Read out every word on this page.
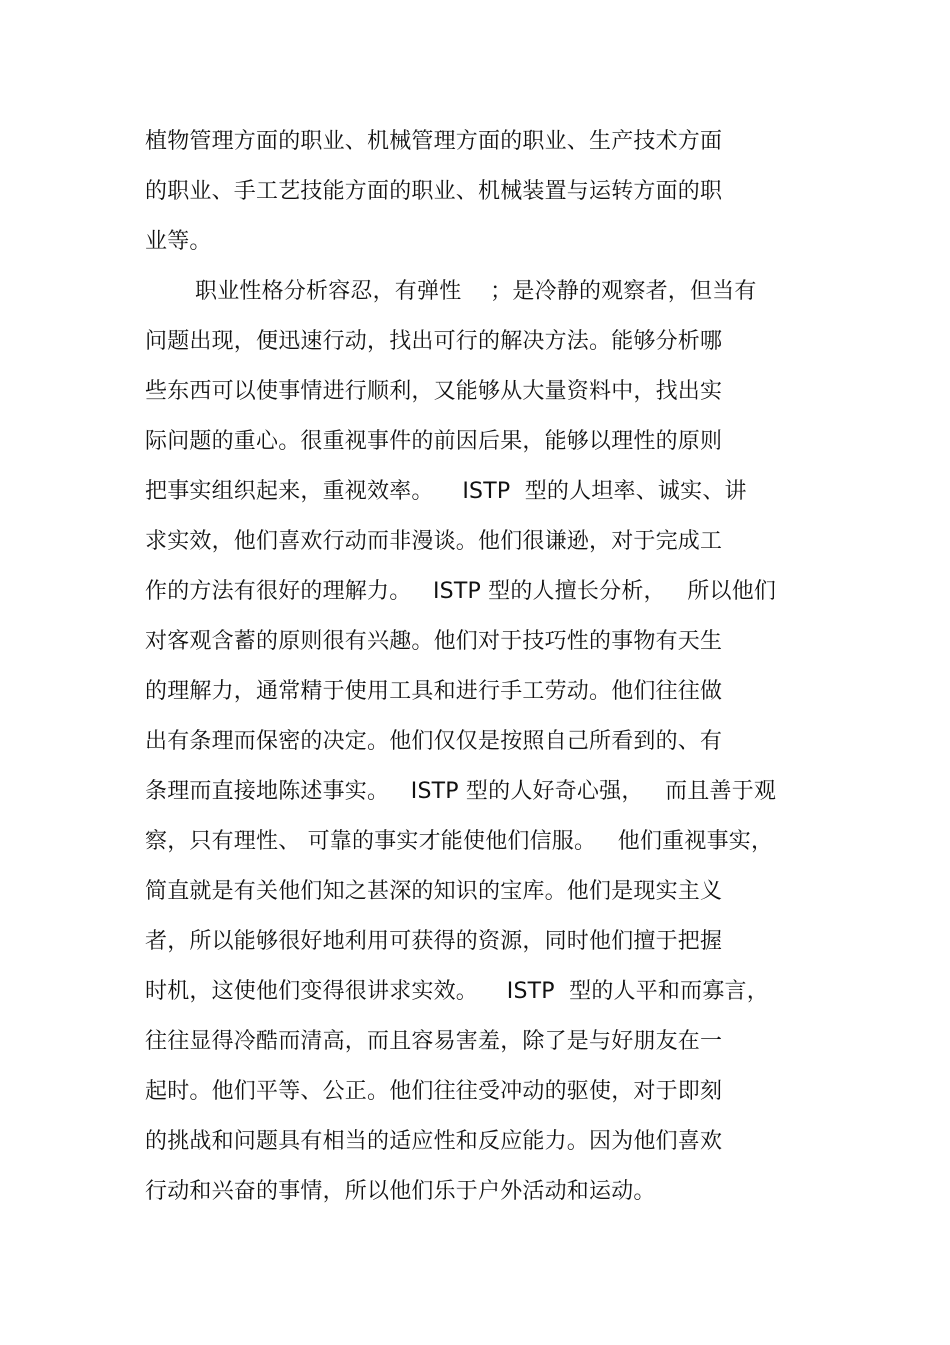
植物管理方面的职业、机械管理方面的职业、生产技术方面
的职业、手工艺技能方面的职业、机械装置与运转方面的职
业等。
职业性格分析容忍，有弹性    ；是冷静的观察者，但当有
问题出现，便迅速行动，找出可行的解决方法。能够分析哪
些东西可以使事情进行顺利，又能够从大量资料中，找出实
际问题的重心。很重视事件的前因后果，能够以理性的原则
把事实组织起来，重视效率。    ISTP  型的人坦率、诚实、讲
求实效，他们喜欢行动而非漫谈。他们很谦逊，对于完成工
作的方法有很好的理解力。   ISTP 型的人擅长分析，   所以他们
对客观含蓄的原则很有兴趣。他们对于技巧性的事物有天生
的理解力，通常精于使用工具和进行手工劳动。他们往往做
出有条理而保密的决定。他们仅仅是按照自己所看到的、有
条理而直接地陈述事实。   ISTP 型的人好奇心强，   而且善于观
察，只有理性、 可靠的事实才能使他们信服。   他们重视事实，
简直就是有关他们知之甚深的知识的宝库。他们是现实主义
者，所以能够很好地利用可获得的资源，同时他们擅于把握
时机，这使他们变得很讲求实效。    ISTP  型的人平和而寡言，
往往显得冷酷而清高，而且容易害羞，除了是与好朋友在一
起时。他们平等、公正。他们往往受冲动的驱使，对于即刻
的挑战和问题具有相当的适应性和反应能力。因为他们喜欢
行动和兴奋的事情，所以他们乐于户外活动和运动。
